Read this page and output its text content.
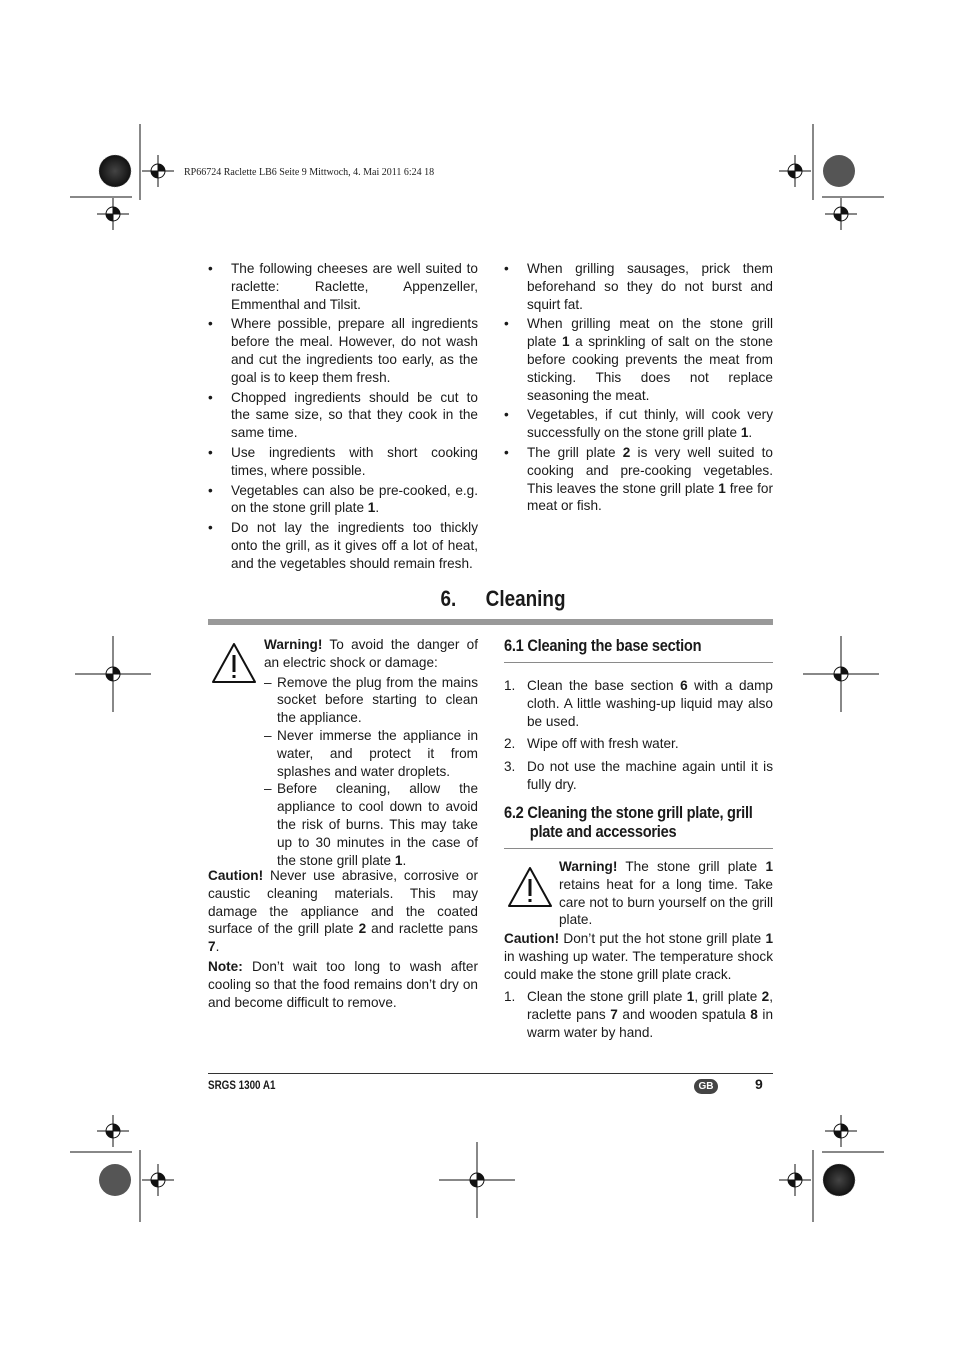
RP66724 Raclette LB6 Seite 9 Mittwoch, 4. Mai 2011 6:24 18
• The following cheeses are well suited to raclette: Raclette, Appenzeller, Emmenthal and Tilsit.
• Where possible, prepare all ingredients before the meal. However, do not wash and cut the ingredients too early, as the goal is to keep them fresh.
• Chopped ingredients should be cut to the same size, so that they cook in the same time.
• Use ingredients with short cooking times, where possible.
• Vegetables can also be pre-cooked, e.g. on the stone grill plate 1.
• Do not lay the ingredients too thickly onto the grill, as it gives off a lot of heat, and the vegetables should remain fresh.
• When grilling sausages, prick them beforehand so they do not burst and squirt fat.
• When grilling meat on the stone grill plate 1 a sprinkling of salt on the stone before cooking prevents the meat from sticking. This does not replace seasoning the meat.
• Vegetables, if cut thinly, will cook very successfully on the stone grill plate 1.
• The grill plate 2 is very well suited to cooking and pre-cooking vegetables. This leaves the stone grill plate 1 free for meat or fish.
6. Cleaning

Warning! To avoid the danger of an electric shock or damage:

– Remove the plug from the mains socket before starting to clean the appliance.
– Never immerse the appliance in water, and protect it from splashes and water droplets.
– Before cleaning, allow the appliance to cool down to avoid the risk of burns. This may take up to 30 minutes in the case of the stone grill plate 1.

Caution! Never use abrasive, corrosive or caustic cleaning materials. This may damage the appliance and the coated surface of the grill plate 2 and raclette pans 7.

Note: Don’t wait too long to wash after cooling so that the food remains don’t dry on and become difficult to remove.

6.1 Cleaning the base section
1. Clean the base section 6 with a damp cloth. A little washing-up liquid may also be used.
2. Wipe off with fresh water.
3. Do not use the machine again until it is fully dry.
6.2 Cleaning the stone grill plate, grill
plate and accessories

Warning! The stone grill plate 1 retains heat for a long time. Take care not to burn yourself on the grill plate.

Caution! Don’t put the hot stone grill plate 1 in washing up water. The temperature shock could make the stone grill plate crack.

1. Clean the stone grill plate 1, grill plate 2, raclette pans 7 and wooden spatula 8 in warm water by hand.
SRGS 1300 A1	GB	9
